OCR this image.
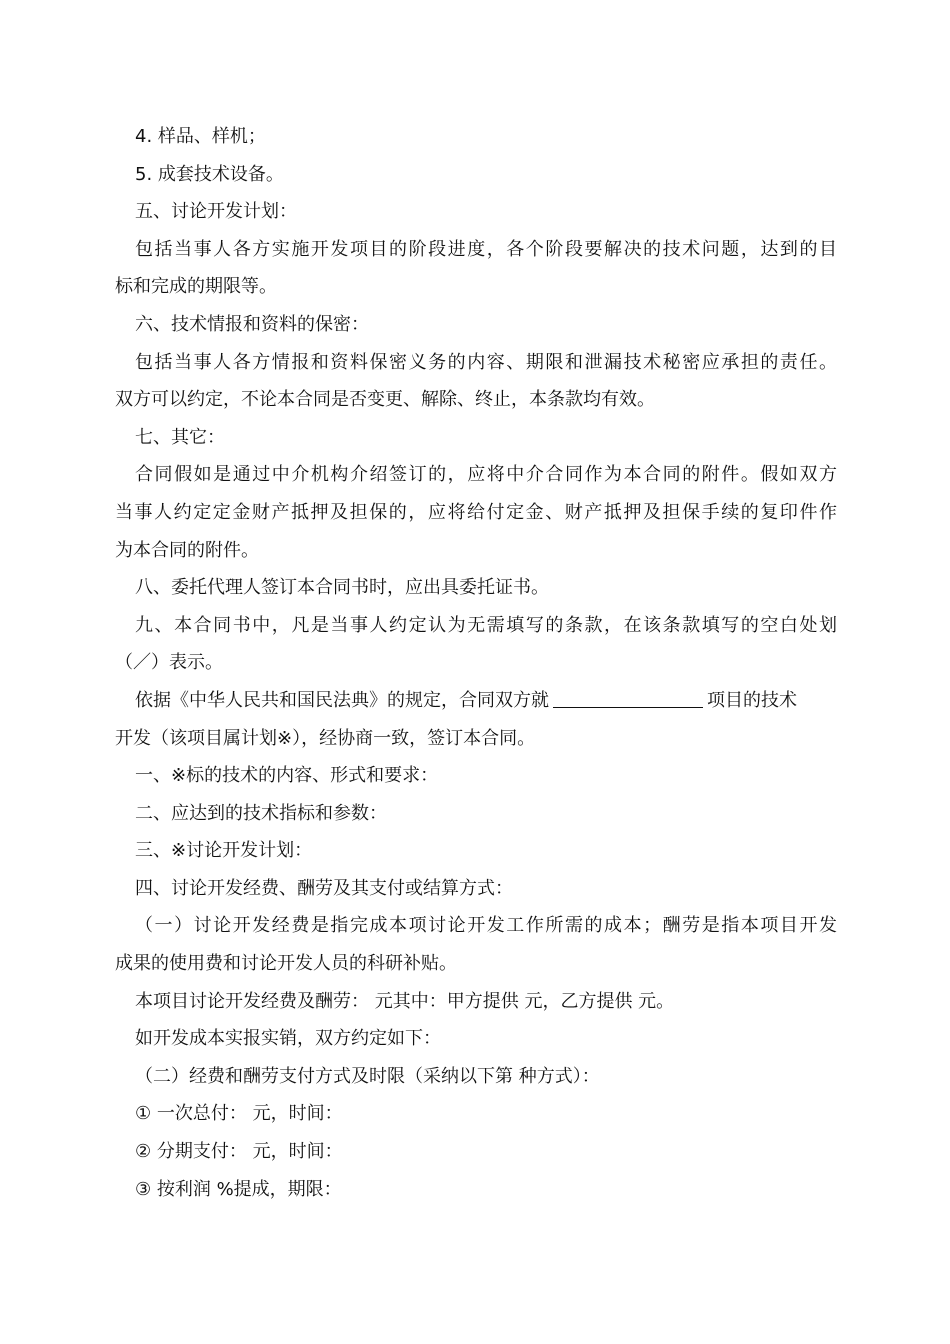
4. 样品、样机；
5. 成套技术设备。
五、讨论开发计划：
包括当事人各方实施开发项目的阶段进度，各个阶段要解决的技术问题，达到的目
标和完成的期限等。
六、技术情报和资料的保密：
包括当事人各方情报和资料保密义务的内容、期限和泄漏技术秘密应承担的责任。
双方可以约定，不论本合同是否变更、解除、终止，本条款均有效。
七、其它：
合同假如是通过中介机构介绍签订的，应将中介合同作为本合同的附件。假如双方
当事人约定定金财产抵押及担保的，应将给付定金、财产抵押及担保手续的复印件作
为本合同的附件。
八、委托代理人签订本合同书时，应出具委托证书。
九、本合同书中，凡是当事人约定认为无需填写的条款，在该条款填写的空白处划
（／）表示。
依据《中华人民共和国民法典》的规定，合同双方就	项目的技术
开发（该项目属计划※），经协商一致，签订本合同。
一、※标的技术的内容、形式和要求：
二、应达到的技术指标和参数：
三、※讨论开发计划：
四、讨论开发经费、酬劳及其支付或结算方式：
（一）讨论开发经费是指完成本项讨论开发工作所需的成本；酬劳是指本项目开发
成果的使用费和讨论开发人员的科研补贴。
本项目讨论开发经费及酬劳： 元其中：甲方提供 元，乙方提供 元。
如开发成本实报实销，双方约定如下：
（二）经费和酬劳支付方式及时限（采纳以下第 种方式）：
① 一次总付： 元，时间：
② 分期支付： 元，时间：
③ 按利润 %提成，期限：
